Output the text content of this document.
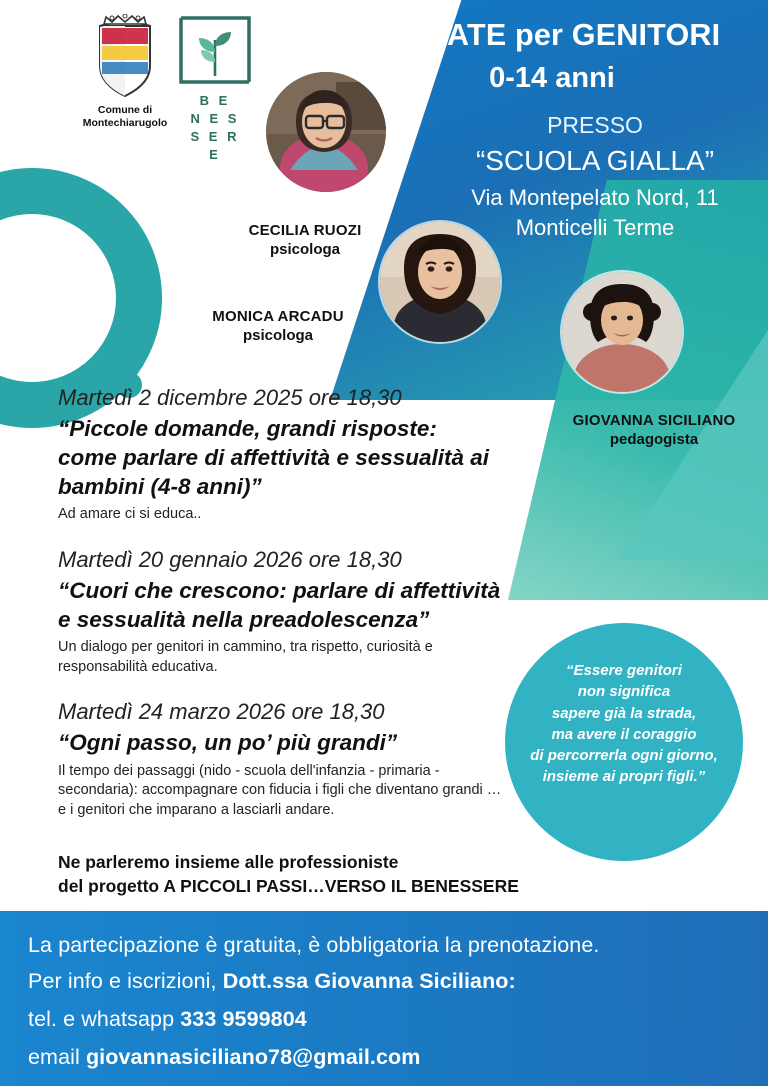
Comune di
Montechiarugolo
B E
N E S
S E R
E
SERATE per GENITORI
0-14 anni
PRESSO
“SCUOLA GIALLA”
Via Montepelato Nord, 11
Monticelli Terme
CECILIA RUOZI
psicologa
MONICA ARCADU
psicologa
GIOVANNA SICILIANO
pedagogista
Martedì 2 dicembre 2025 ore 18,30
“Piccole domande, grandi risposte:
come parlare di affettività e sessualità ai
bambini (4-8 anni)”
Ad amare ci si educa..
Martedì 20 gennaio 2026 ore 18,30
“Cuori che crescono: parlare di affettività
e sessualità nella preadolescenza”
Un dialogo per genitori in cammino, tra rispetto, curiosità e responsabilità educativa.
Martedì 24 marzo 2026 ore 18,30
“Ogni passo, un po’ più grandi”
Il tempo dei passaggi (nido - scuola dell'infanzia - primaria - secondaria): accompagnare con fiducia i figli che diventano grandi … e i genitori che imparano a lasciarli andare.
Ne parleremo insieme alle professioniste
del progetto A PICCOLI PASSI…VERSO IL BENESSERE
“Essere genitori
non significa
sapere già la strada,
ma avere il coraggio
di percorrerla ogni giorno,
insieme ai propri figli.”
La partecipazione è gratuita, è obbligatoria la prenotazione.
Per info e iscrizioni, Dott.ssa Giovanna Siciliano:
tel. e whatsapp 333 9599804
email giovannasiciliano78@gmail.com
